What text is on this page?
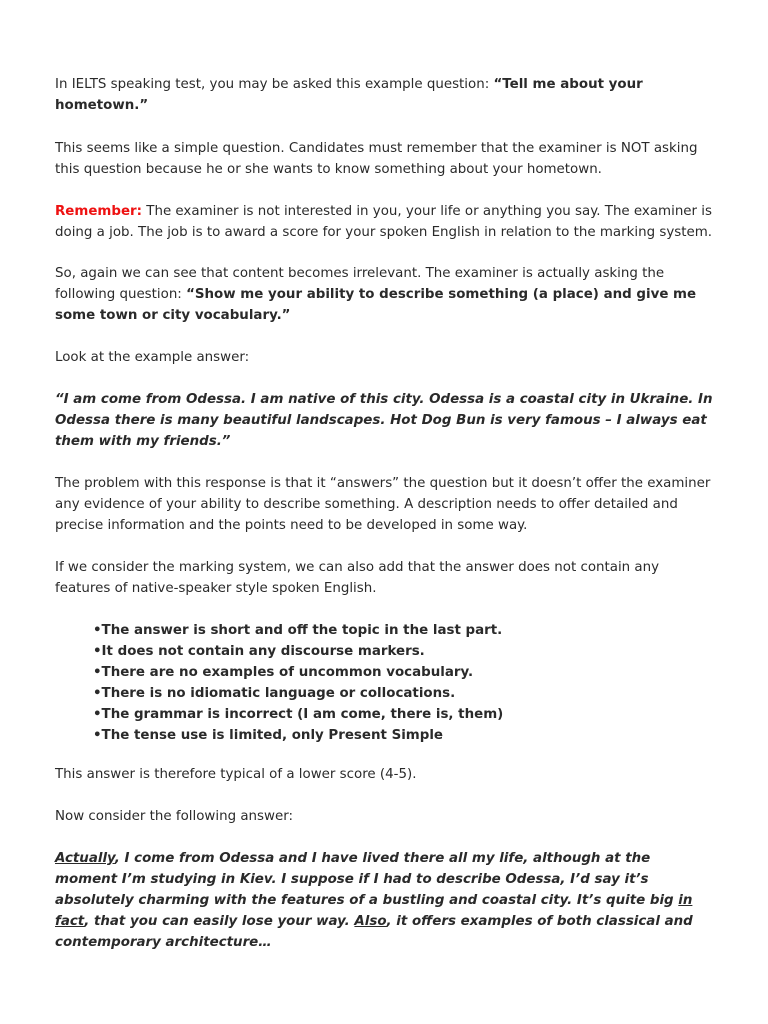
In IELTS speaking test, you may be asked this example question: “Tell me about your hometown.”

This seems like a simple question. Candidates must remember that the examiner is NOT asking this question because he or she wants to know something about your hometown.

Remember: The examiner is not interested in you, your life or anything you say. The examiner is doing a job. The job is to award a score for your spoken English in relation to the marking system.

So, again we can see that content becomes irrelevant. The examiner is actually asking the following question: “Show me your ability to describe something (a place) and give me some town or city vocabulary.”

Look at the example answer:

“I am come from Odessa. I am native of this city. Odessa is a coastal city in Ukraine. In Odessa there is many beautiful landscapes. Hot Dog Bun is very famous – I always eat them with my friends.”

The problem with this response is that it “answers” the question but it doesn’t offer the examiner any evidence of your ability to describe something. A description needs to offer detailed and precise information and the points need to be developed in some way.

If we consider the marking system, we can also add that the answer does not contain any features of native-speaker style spoken English.

•The answer is short and off the topic in the last part.
•It does not contain any discourse markers.
•There are no examples of uncommon vocabulary.
•There is no idiomatic language or collocations.
•The grammar is incorrect (I am come, there is, them)
•The tense use is limited, only Present Simple

This answer is therefore typical of a lower score (4-5).

Now consider the following answer:

Actually, I come from Odessa and I have lived there all my life, although at the moment I’m studying in Kiev. I suppose if I had to describe Odessa, I’d say it’s absolutely charming with the features of a bustling and coastal city. It’s quite big in fact, that you can easily lose your way. Also, it offers examples of both classical and contemporary architecture…
